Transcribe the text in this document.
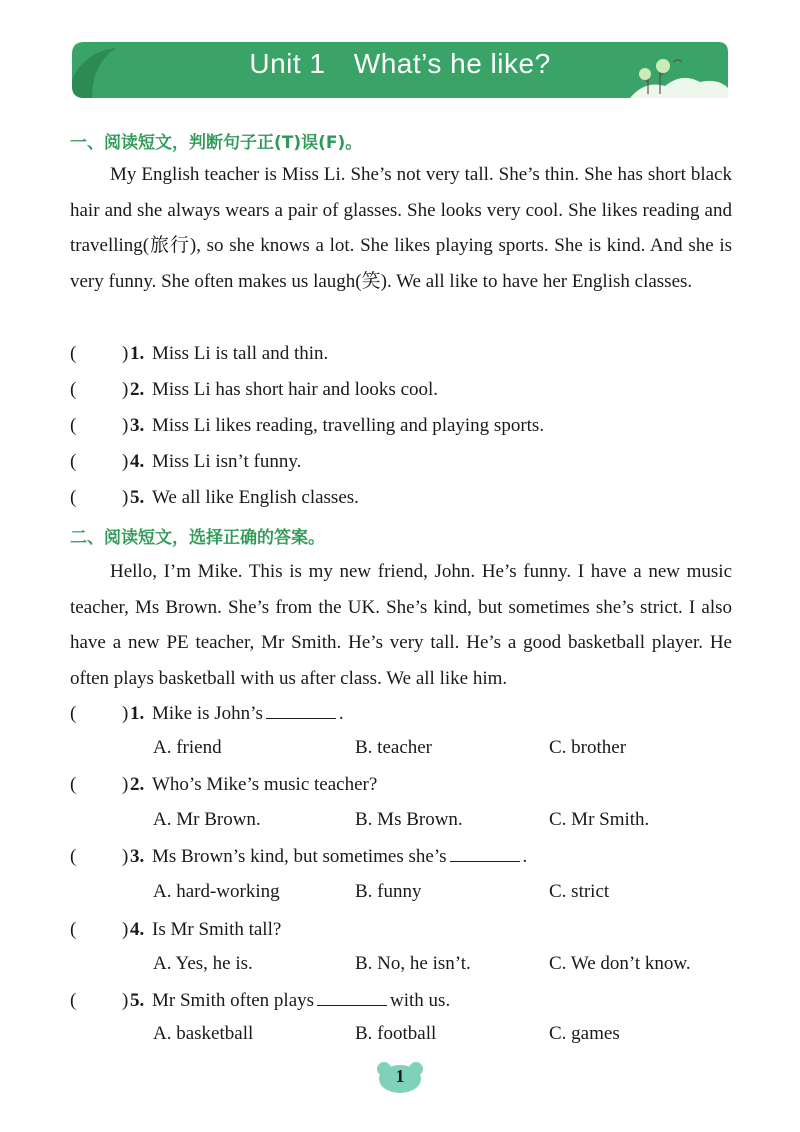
Unit 1 What’s he like?
一、阅读短文，判断句子正(T)误(F)。

My English teacher is Miss Li. She’s not very tall. She’s thin. She has short black hair and she always wears a pair of glasses. She looks very cool. She likes reading and travelling(旅行), so she knows a lot. She likes playing sports. She is kind. And she is very funny. She often makes us laugh(笑). We all like to have her English classes.

( ) 1. Miss Li is tall and thin.
( ) 2. Miss Li has short hair and looks cool.
( ) 3. Miss Li likes reading, travelling and playing sports.
( ) 4. Miss Li isn’t funny.
( ) 5. We all like English classes.
二、阅读短文，选择正确的答案。

Hello, I’m Mike. This is my new friend, John. He’s funny. I have a new music teacher, Ms Brown. She’s from the UK. She’s kind, but sometimes she’s strict. I also have a new PE teacher, Mr Smith. He’s very tall. He’s a good basketball player. He often plays basketball with us after class. We all like him.

( ) 1. Mike is John’s	.
A. friend	B. teacher	C. brother
( ) 2. Who’s Mike’s music teacher?
A. Mr Brown.	B. Ms Brown.	C. Mr Smith.
( ) 3. Ms Brown’s kind, but sometimes she’s	.
A. hard-working	B. funny	C. strict
( ) 4. Is Mr Smith tall?
A. Yes, he is.	B. No, he isn’t.	C. We don’t know.
( ) 5. Mr Smith often plays	with us.
A. basketball	B. football	C. games
1
